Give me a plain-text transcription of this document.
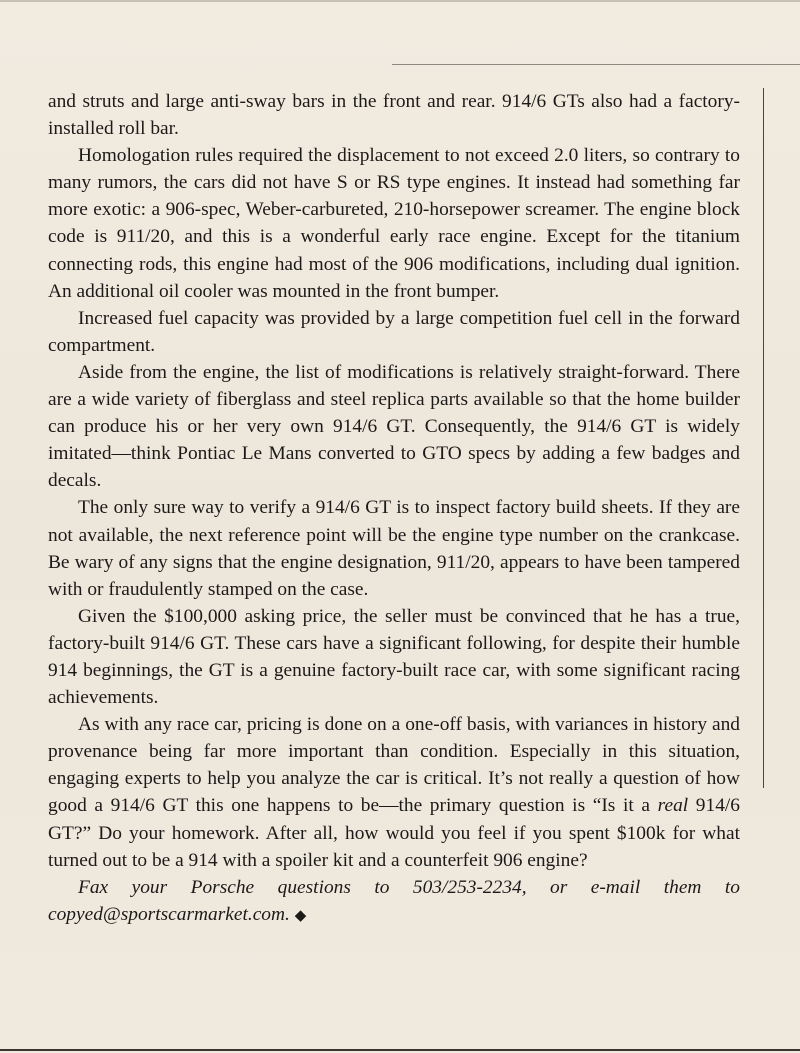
and struts and large anti-sway bars in the front and rear. 914/6 GTs also had a factory-installed roll bar.

Homologation rules required the displacement to not exceed 2.0 liters, so contrary to many rumors, the cars did not have S or RS type engines. It instead had something far more exotic: a 906-spec, Weber-carbureted, 210-horsepower screamer. The engine block code is 911/20, and this is a wonderful early race engine. Except for the titanium connecting rods, this engine had most of the 906 modifications, including dual ignition. An additional oil cooler was mounted in the front bumper.

Increased fuel capacity was provided by a large competition fuel cell in the forward compartment.

Aside from the engine, the list of modifications is relatively straight-forward. There are a wide variety of fiberglass and steel replica parts available so that the home builder can produce his or her very own 914/6 GT. Consequently, the 914/6 GT is widely imitated—think Pontiac Le Mans converted to GTO specs by adding a few badges and decals.

The only sure way to verify a 914/6 GT is to inspect factory build sheets. If they are not available, the next reference point will be the engine type number on the crankcase. Be wary of any signs that the engine designation, 911/20, appears to have been tampered with or fraudulently stamped on the case.

Given the $100,000 asking price, the seller must be convinced that he has a true, factory-built 914/6 GT. These cars have a significant following, for despite their humble 914 beginnings, the GT is a genuine factory-built race car, with some significant racing achievements.

As with any race car, pricing is done on a one-off basis, with variances in history and provenance being far more important than condition. Especially in this situation, engaging experts to help you analyze the car is critical. It’s not really a question of how good a 914/6 GT this one happens to be—the primary question is “Is it a real 914/6 GT?” Do your homework. After all, how would you feel if you spent $100k for what turned out to be a 914 with a spoiler kit and a counterfeit 906 engine?

Fax your Porsche questions to 503/253-2234, or e-mail them to copyed@sportscarmarket.com. ◆
